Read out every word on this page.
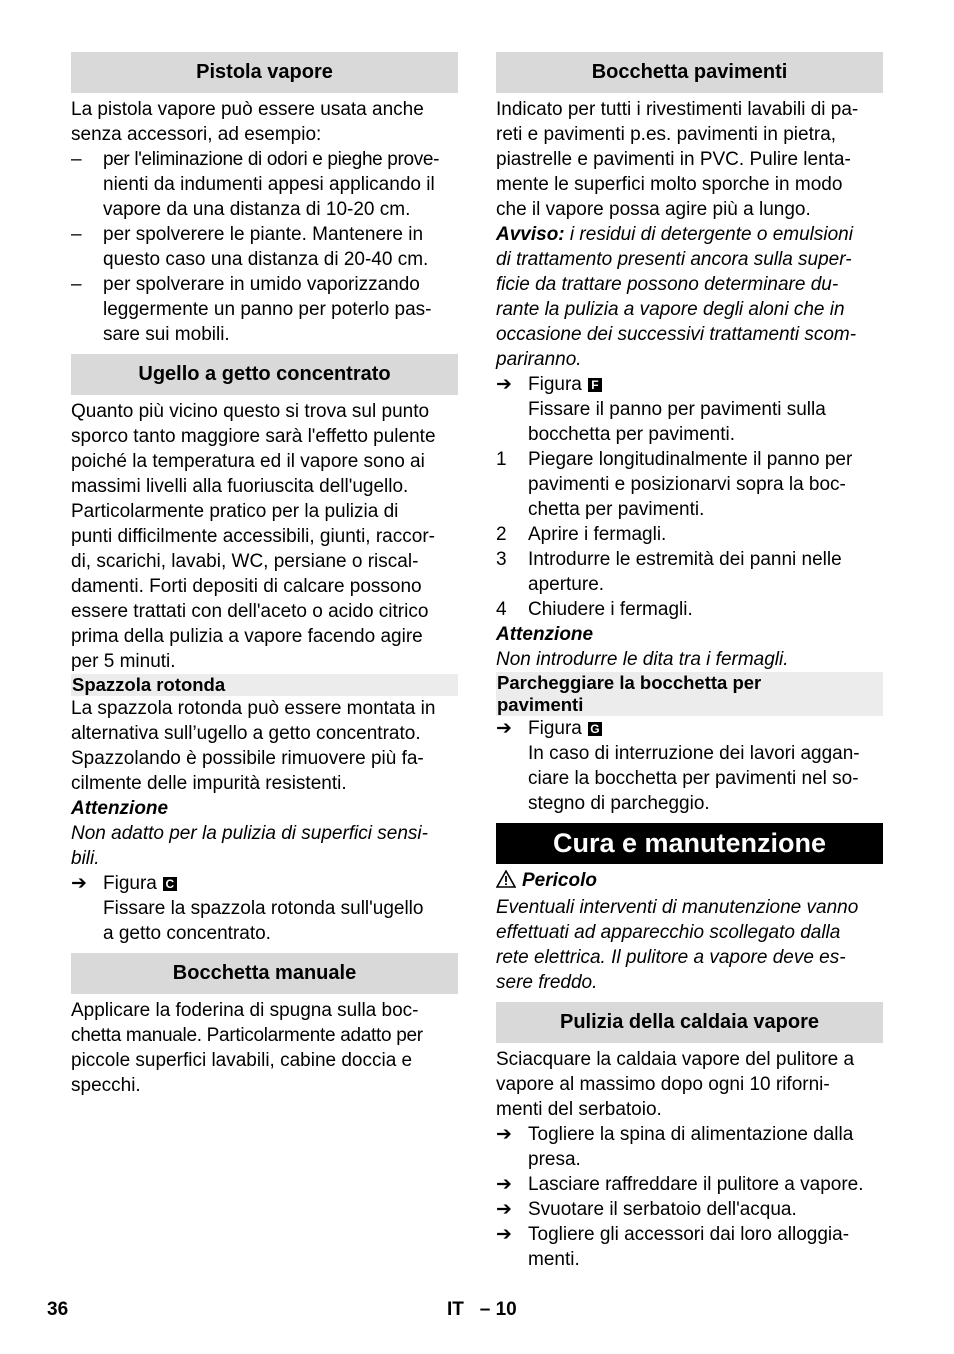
Pistola vapore

La pistola vapore può essere usata anche

senza accessori, ad esempio:

– per l'eliminazione di odori e pieghe prove-

nienti da indumenti appesi applicando il

vapore da una distanza di 10-20 cm.

– per spolverere le piante. Mantenere in

questo caso una distanza di 20-40 cm.

– per spolverare in umido vaporizzando

leggermente un panno per poterlo pas-

sare sui mobili.

Ugello a getto concentrato

Quanto più vicino questo si trova sul punto

sporco tanto maggiore sarà l'effetto pulente

poiché la temperatura ed il vapore sono ai

massimi livelli alla fuoriuscita dell'ugello.

Particolarmente pratico per la pulizia di

punti difficilmente accessibili, giunti, raccor-

di, scarichi, lavabi, WC, persiane o riscal-

damenti. Forti depositi di calcare possono

essere trattati con dell'aceto o acido citrico

prima della pulizia a vapore facendo agire

per 5 minuti.

Spazzola rotonda

La spazzola rotonda può essere montata in

alternativa sull’ugello a getto concentrato.

Spazzolando è possibile rimuovere più fa-

cilmente delle impurità resistenti.

Attenzione

Non adatto per la pulizia di superfici sensi-

bili.

➔ Figura C

Fissare la spazzola rotonda sull'ugello

a getto concentrato.

Bocchetta manuale

Applicare la foderina di spugna sulla boc-

chetta manuale. Particolarmente adatto per

piccole superfici lavabili, cabine doccia e

specchi.

Bocchetta pavimenti

Indicato per tutti i rivestimenti lavabili di pa-

reti e pavimenti p.es. pavimenti in pietra,

piastrelle e pavimenti in PVC. Pulire lenta-

mente le superfici molto sporche in modo

che il vapore possa agire più a lungo.

Avviso: i residui di detergente o emulsioni

di trattamento presenti ancora sulla super-

ficie da trattare possono determinare du-

rante la pulizia a vapore degli aloni che in

occasione dei successivi trattamenti scom-

pariranno.

➔ Figura F

Fissare il panno per pavimenti sulla

bocchetta per pavimenti.

1 Piegare longitudinalmente il panno per

pavimenti e posizionarvi sopra la boc-

chetta per pavimenti.

2 Aprire i fermagli.

3 Introdurre le estremità dei panni nelle

aperture.

4 Chiudere i fermagli.

Attenzione

Non introdurre le dita tra i fermagli.

Parcheggiare la bocchetta per

pavimenti

➔ Figura G

In caso di interruzione dei lavori aggan-

ciare la bocchetta per pavimenti nel so-

stegno di parcheggio.

Cura e manutenzione

Pericolo

Eventuali interventi di manutenzione vanno

effettuati ad apparecchio scollegato dalla

rete elettrica. Il pulitore a vapore deve es-

sere freddo.

Pulizia della caldaia vapore

Sciacquare la caldaia vapore del pulitore a

vapore al massimo dopo ogni 10 riforni-

menti del serbatoio.

➔ Togliere la spina di alimentazione dalla

presa.

➔ Lasciare raffreddare il pulitore a vapore.

➔ Svuotare il serbatoio dell'acqua.

➔ Togliere gli accessori dai loro alloggia-

menti.

36	IT   – 10
